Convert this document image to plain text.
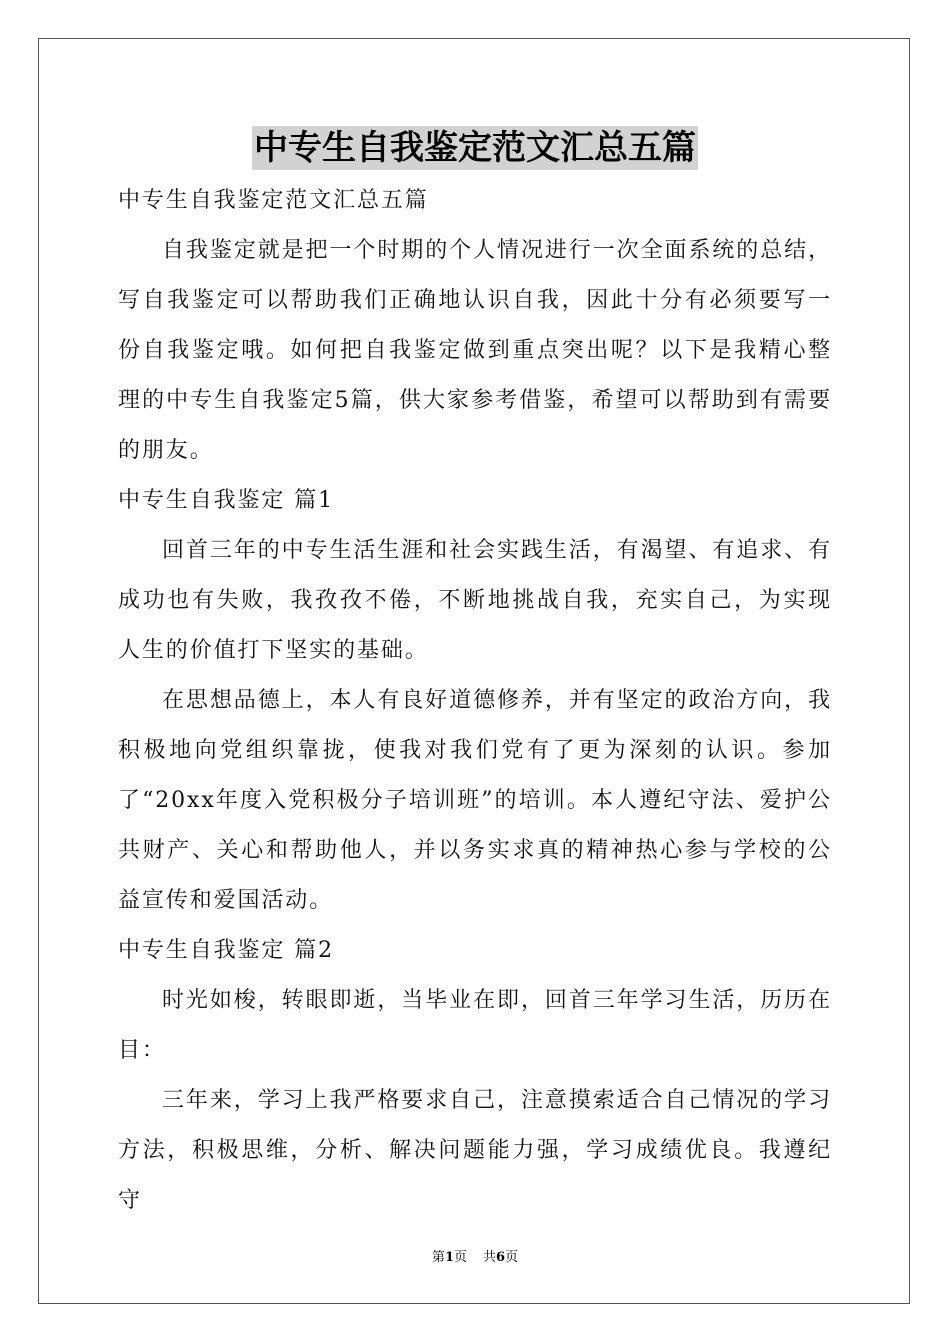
中专生自我鉴定范文汇总五篇

中专生自我鉴定范文汇总五篇

自我鉴定就是把一个时期的个人情况进行一次全面系统的总结，写自我鉴定可以帮助我们正确地认识自我，因此十分有必须要写一份自我鉴定哦。如何把自我鉴定做到重点突出呢？以下是我精心整理的中专生自我鉴定5篇，供大家参考借鉴，希望可以帮助到有需要的朋友。

中专生自我鉴定 篇1

回首三年的中专生活生涯和社会实践生活，有渴望、有追求、有成功也有失败，我孜孜不倦，不断地挑战自我，充实自己，为实现人生的价值打下坚实的基础。

在思想品德上，本人有良好道德修养，并有坚定的政治方向，我积极地向党组织靠拢，使我对我们党有了更为深刻的认识。参加了“20xx年度入党积极分子培训班”的培训。本人遵纪守法、爱护公共财产、关心和帮助他人，并以务实求真的精神热心参与学校的公益宣传和爱国活动。

中专生自我鉴定 篇2

时光如梭，转眼即逝，当毕业在即，回首三年学习生活，历历在目：

三年来，学习上我严格要求自己，注意摸索适合自己情况的学习方法，积极思维，分析、解决问题能力强，学习成绩优良。我遵纪守

第1页 共6页
